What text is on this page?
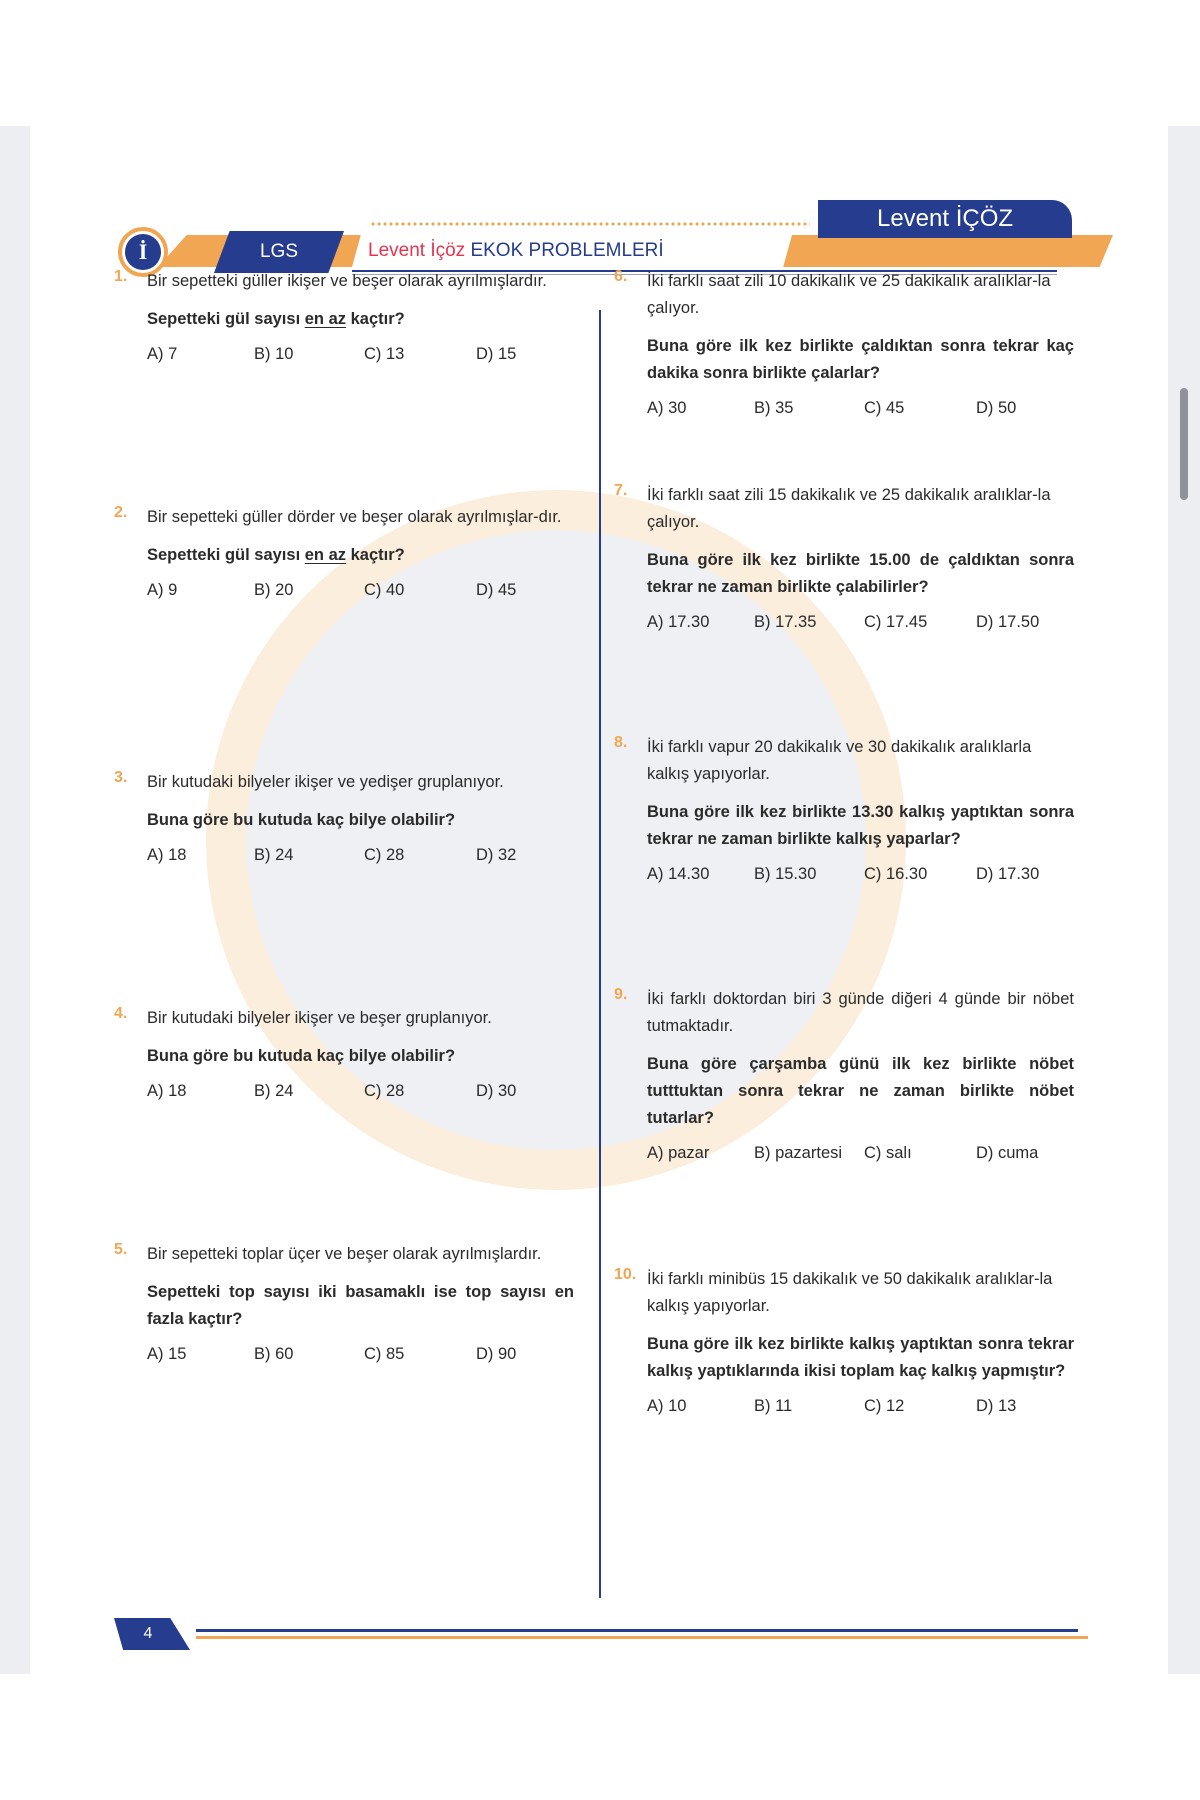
LGS	Levent İçöz EKOK PROBLEMLERİ
Levent İÇÖZ
İ
1. Bir sepetteki güller ikişer ve beşer olarak ayrılmışlardır.
Sepetteki gül sayısı en az kaçtır?
A) 7	B) 10	C) 13	D) 15
2. Bir sepetteki güller dörder ve beşer olarak ayrılmışlar-dır.
Sepetteki gül sayısı en az kaçtır?
A) 9	B) 20	C) 40	D) 45
3. Bir kutudaki bilyeler ikişer ve yedişer gruplanıyor.
Buna göre bu kutuda kaç bilye olabilir?
A) 18	B) 24	C) 28	D) 32
4. Bir kutudaki bilyeler ikişer ve beşer gruplanıyor.
Buna göre bu kutuda kaç bilye olabilir?
A) 18	B) 24	C) 28	D) 30
5. Bir sepetteki toplar üçer ve beşer olarak ayrılmışlardır.
Sepetteki top sayısı iki basamaklı ise top sayısı en fazla kaçtır?
A) 15	B) 60	C) 85	D) 90
6. İki farklı saat zili 10 dakikalık ve 25 dakikalık aralıklar-la çalıyor.
Buna göre ilk kez birlikte çaldıktan sonra tekrar kaç dakika sonra birlikte çalarlar?
A) 30	B) 35	C) 45	D) 50
7. İki farklı saat zili 15 dakikalık ve 25 dakikalık aralıklar-la çalıyor.
Buna göre ilk kez birlikte 15.00 de çaldıktan sonra tekrar ne zaman birlikte çalabilirler?
A) 17.30	B) 17.35	C) 17.45	D) 17.50
8. İki farklı vapur 20 dakikalık ve 30 dakikalık aralıklarla kalkış yapıyorlar.
Buna göre ilk kez birlikte 13.30 kalkış yaptıktan sonra tekrar ne zaman birlikte kalkış yaparlar?
A) 14.30	B) 15.30	C) 16.30	D) 17.30
9. İki farklı doktordan biri 3 günde diğeri 4 günde bir nöbet tutmaktadır.
Buna göre çarşamba günü ilk kez birlikte nöbet tutttuktan sonra tekrar ne zaman birlikte nöbet tutarlar?
A) pazar	B) pazartesi C) salı	D) cuma
10. İki farklı minibüs 15 dakikalık ve 50 dakikalık aralıklar-la kalkış yapıyorlar.
Buna göre ilk kez birlikte kalkış yaptıktan sonra tekrar kalkış yaptıklarında ikisi toplam kaç kalkış yapmıştır?
A) 10	B) 11	C) 12	D) 13
4
